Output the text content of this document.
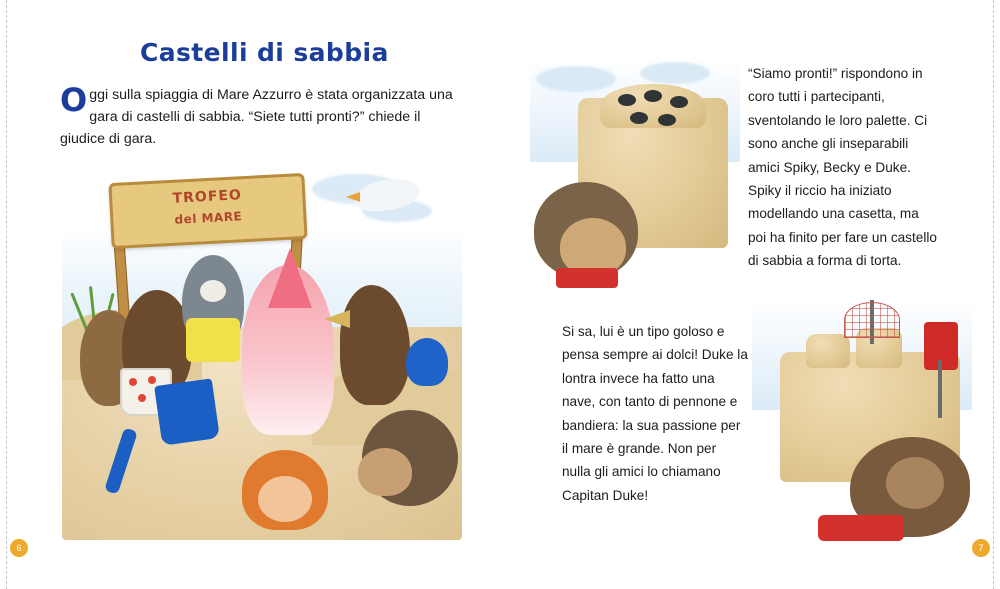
Castelli di sabbia
O ggi sulla spiaggia di Mare Azzurro è stata organizzata una gara di castelli di sabbia. “Siete tutti pronti?” chiede il giudice di gara.

TROFEO
del MARE
6

“Siamo pronti!” rispondono in coro tutti i partecipanti, sventolando le loro palette. Ci sono anche gli inseparabili amici Spiky, Becky e Duke. Spiky il riccio ha iniziato modellando una casetta, ma poi ha finito per fare un castello di sabbia a forma di torta.

Si sa, lui è un tipo goloso e pensa sempre ai dolci! Duke la lontra invece ha fatto una nave, con tanto di pennone e bandiera: la sua passione per il mare è grande. Non per nulla gli amici lo chiamano Capitan Duke!

7
